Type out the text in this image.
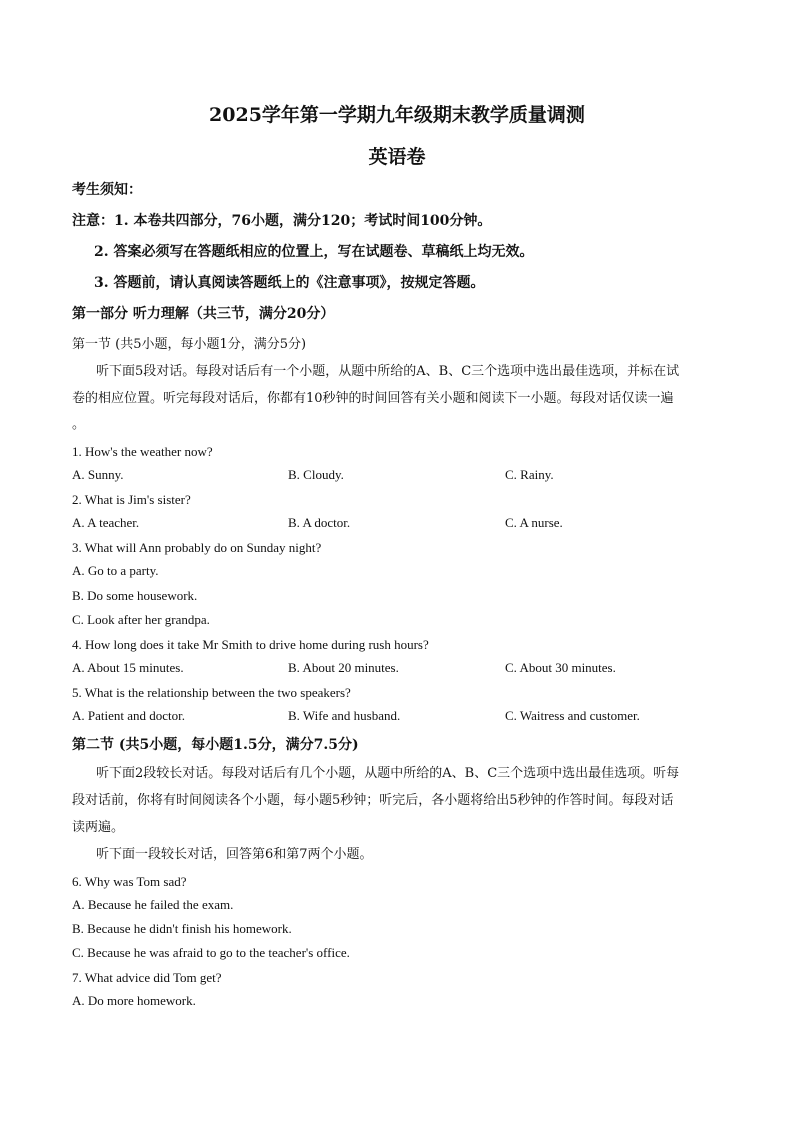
2025学年第一学期九年级期末教学质量调测
英语卷
考生须知：
注意：1. 本卷共四部分，76小题，满分120；考试时间100分钟。
2. 答案必须写在答题纸相应的位置上，写在试题卷、草稿纸上均无效。
3. 答题前，请认真阅读答题纸上的《注意事项》，按规定答题。
第一部分 听力理解（共三节，满分20分）
第一节 (共5小题，每小题1分，满分5分)
听下面5段对话。每段对话后有一个小题，从题中所给的A、B、C三个选项中选出最佳选项，并标在试
卷的相应位置。听完每段对话后，你都有10秒钟的时间回答有关小题和阅读下一小题。每段对话仅读一遍
。
1. How's the weather now?
A. Sunny.	B. Cloudy.	C. Rainy.
2. What is Jim's sister?
A. A teacher.	B. A doctor.	C. A nurse.
3. What will Ann probably do on Sunday night?
A. Go to a party.
B. Do some housework.
C. Look after her grandpa.
4. How long does it take Mr Smith to drive home during rush hours?
A. About 15 minutes.	B. About 20 minutes.	C. About 30 minutes.
5. What is the relationship between the two speakers?
A. Patient and doctor.	B. Wife and husband.	C. Waitress and customer.
第二节 (共5小题，每小题1.5分，满分7.5分)
听下面2段较长对话。每段对话后有几个小题，从题中所给的A、B、C三个选项中选出最佳选项。听每
段对话前，你将有时间阅读各个小题，每小题5秒钟；听完后，各小题将给出5秒钟的作答时间。每段对话
读两遍。
听下面一段较长对话，回答第6和第7两个小题。
6. Why was Tom sad?
A. Because he failed the exam.
B. Because he didn't finish his homework.
C. Because he was afraid to go to the teacher's office.
7. What advice did Tom get?
A. Do more homework.
